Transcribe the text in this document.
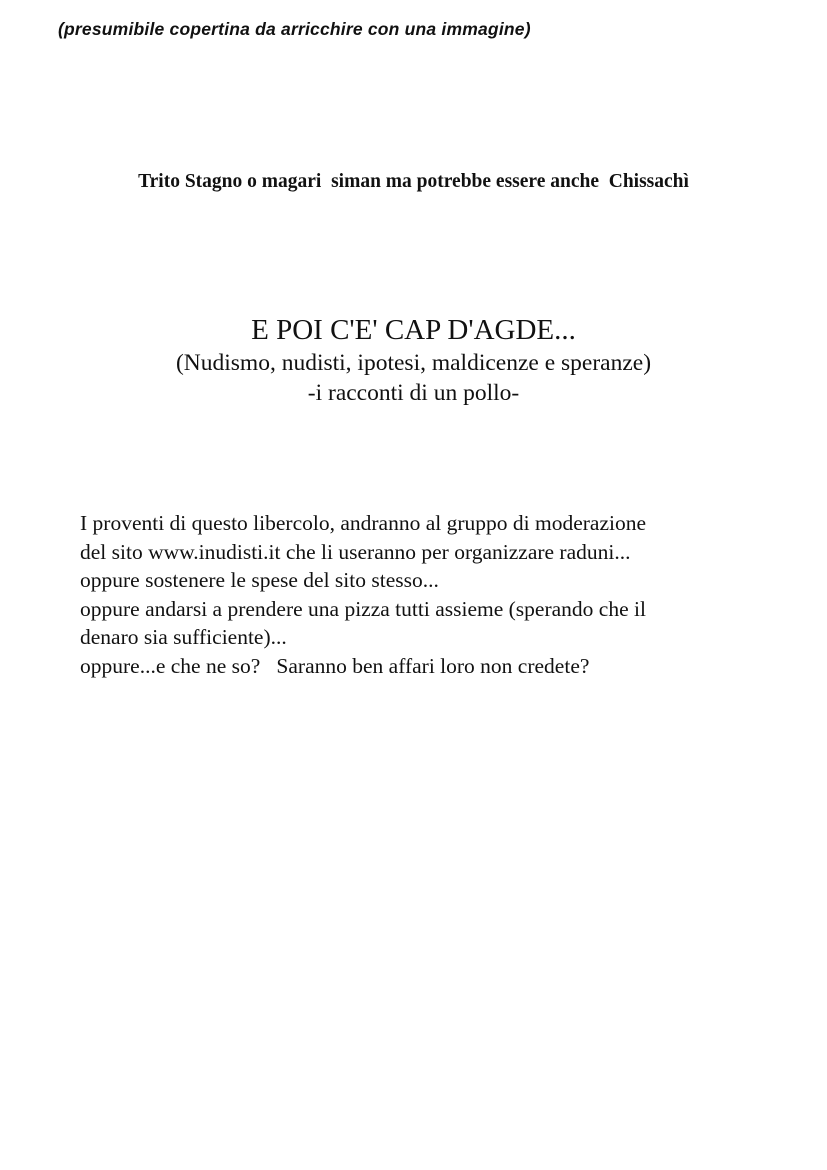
(presumibile copertina da arricchire con una immagine)
Trito Stagno o magari  siman ma potrebbe essere anche  Chissachì
E POI C'E' CAP D'AGDE...
(Nudismo, nudisti, ipotesi, maldicenze e speranze)
-i racconti di un pollo-
I proventi di questo libercolo, andranno al gruppo di moderazione
del sito www.inudisti.it che li useranno per organizzare raduni...
oppure sostenere le spese del sito stesso...
oppure andarsi a prendere una pizza tutti assieme (sperando che il
denaro sia sufficiente)...
oppure...e che ne so?   Saranno ben affari loro non credete?
